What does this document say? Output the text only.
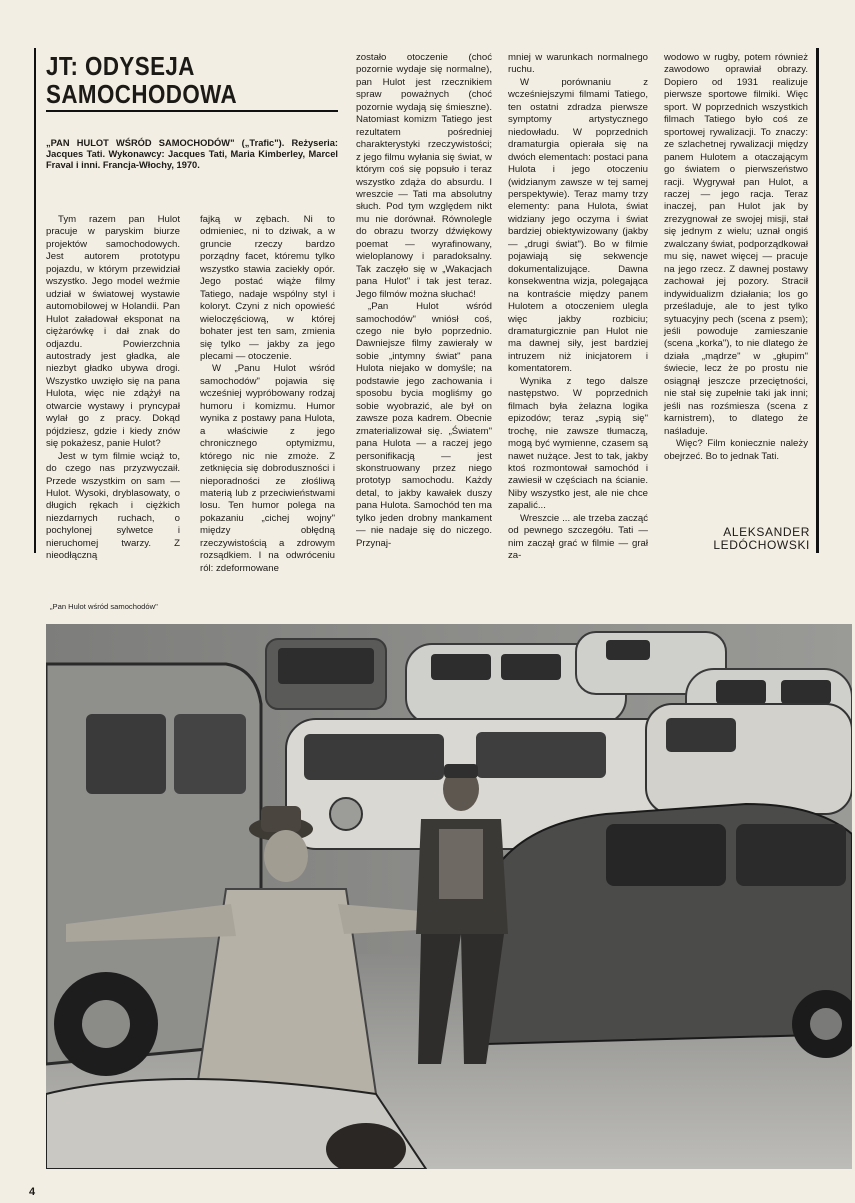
JT: ODYSEJA
SAMOCHODOWA

„PAN HULOT WŚRÓD SAMOCHODÓW" („Trafic"). Reżyseria: Jacques Tati. Wykonawcy: Jacques Tati, Maria Kimberley, Marcel Fraval i inni. Francja-Włochy, 1970.

Tym razem pan Hulot pracuje w paryskim biurze projektów samochodowych. Jest autorem prototypu pojazdu, w którym przewidział wszystko. Jego model weźmie udział w światowej wystawie automobilowej w Holandii. Pan Hulot załadował eksponat na ciężarówkę i dał znak do odjazdu. Powierzchnia autostrady jest gładka, ale niezbyt gładko ubywa drogi. Wszystko uwzięło się na pana Hulota, więc nie zdążył na otwarcie wystawy i pryncypał wylał go z pracy. Dokąd pójdziesz, gdzie i kiedy znów się pokażesz, panie Hulot?

Jest w tym filmie wciąż to, do czego nas przyzwyczaił. Przede wszystkim on sam — Hulot. Wysoki, dryblasowaty, o długich rękach i ciężkich niezdarnych ruchach, o pochylonej sylwetce i nieruchomej twarzy. Z nieodłączną

fajką w zębach. Ni to odmieniec, ni to dziwak, a w gruncie rzeczy bardzo porządny facet, któremu tylko wszystko stawia zaciekły opór. Jego postać wiąże filmy Tatiego, nadaje wspólny styl i koloryt. Czyni z nich opowieść wieloczęściową, w której bohater jest ten sam, zmienia się tylko — jakby za jego plecami — otoczenie.

W „Panu Hulot wśród samochodów" pojawia się wcześniej wypróbowany rodzaj humoru i komizmu. Humor wynika z postawy pana Hulota, a właściwie z jego chronicznego optymizmu, którego nic nie zmoże. Z zetknięcia się dobroduszności i nieporadności ze złośliwą materią lub z przeciwieństwami losu. Ten humor polega na pokazaniu „cichej wojny" między obłędną rzeczywistością a zdrowym rozsądkiem. I na odwróceniu ról: zdeformowane

zostało otoczenie (choć pozornie wydaje się normalne), pan Hulot jest rzecznikiem spraw poważnych (choć pozornie wydają się śmieszne). Natomiast komizm Tatiego jest rezultatem pośredniej charakterystyki rzeczywistości; z jego filmu wyłania się świat, w którym coś się popsuło i teraz wszystko zdąża do absurdu. I wreszcie — Tati ma absolutny słuch. Pod tym względem nikt mu nie dorównał. Równolegle do obrazu tworzy dźwiękowy poemat — wyrafinowany, wieloplanowy i paradoksalny. Tak zaczęło się w „Wakacjach pana Hulot" i tak jest teraz. Jego filmów można słuchać!

„Pan Hulot wśród samochodów" wniósł coś, czego nie było poprzednio. Dawniejsze filmy zawierały w sobie „intymny świat" pana Hulota niejako w domyśle; na podstawie jego zachowania i sposobu bycia mogliśmy go sobie wyobrazić, ale był on zawsze poza kadrem. Obecnie zmaterializował się. „Światem" pana Hulota — a raczej jego personifikacją — jest skonstruowany przez niego prototyp samochodu. Każdy detal, to jakby kawałek duszy pana Hulota. Samochód ten ma tylko jeden drobny mankament — nie nadaje się do niczego. Przynaj-

mniej w warunkach normalnego ruchu.

W porównaniu z wcześniejszymi filmami Tatiego, ten ostatni zdradza pierwsze symptomy artystycznego niedowładu. W poprzednich dramaturgia opierała się na dwóch elementach: postaci pana Hulota i jego otoczeniu (widzianym zawsze w tej samej perspektywie). Teraz mamy trzy elementy: pana Hulota, świat widziany jego oczyma i świat bardziej obiektywizowany (jakby — „drugi świat"). Bo w filmie pojawiają się sekwencje dokumentalizujące. Dawna konsekwentna wizja, polegająca na kontraście między panem Hulotem a otoczeniem ulegla więc jakby rozbiciu; dramaturgicznie pan Hulot nie ma dawnej siły, jest bardziej intruzem niż inicjatorem i komentatorem.

Wynika z tego dalsze następstwo. W poprzednich filmach była żelazna logika epizodów; teraz „sypią się" trochę, nie zawsze tłumaczą, mogą być wymienne, czasem są nawet nużące. Jest to tak, jakby ktoś rozmontował samochód i zawiesił w częściach na ścianie. Niby wszystko jest, ale nie chce zapalić...

Wreszcie ... ale trzeba zacząć od pewnego szczegółu. Tati — nim zaczął grać w filmie — grał za-

wodowo w rugby, potem również zawodowo oprawiał obrazy. Dopiero od 1931 realizuje pierwsze sportowe filmiki. Więc sport. W poprzednich wszystkich filmach Tatiego było coś ze sportowej rywalizacji. To znaczy: ze szlachetnej rywalizacji między panem Hulotem a otaczającym go światem o pierwszeństwo racji. Wygrywał pan Hulot, a raczej — jego racja. Teraz inaczej, pan Hulot jak by zrezygnował ze swojej misji, stał się jednym z wielu; uznał ongiś zwalczany świat, podporządkował mu się, nawet więcej — pracuje na jego rzecz. Z dawnej postawy zachował jej pozory. Stracił indywidualizm działania; los go prześladuje, ale to jest tylko sytuacyjny pech (scena z psem); jeśli powoduje zamieszanie (scena „korka"), to nie dlatego że działa „mądrze" w „głupim" świecie, lecz że po prostu nie osiągnął jeszcze przeciętności, nie stał się zupełnie taki jak inni; jeśli nas rozśmiesza (scena z karnistrem), to dlatego że naśladuje.

Więc? Film koniecznie należy obejrzeć. Bo to jednak Tati.

ALEKSANDER
LEDÓCHOWSKI

„Pan Hulot wśród samochodów"

4
